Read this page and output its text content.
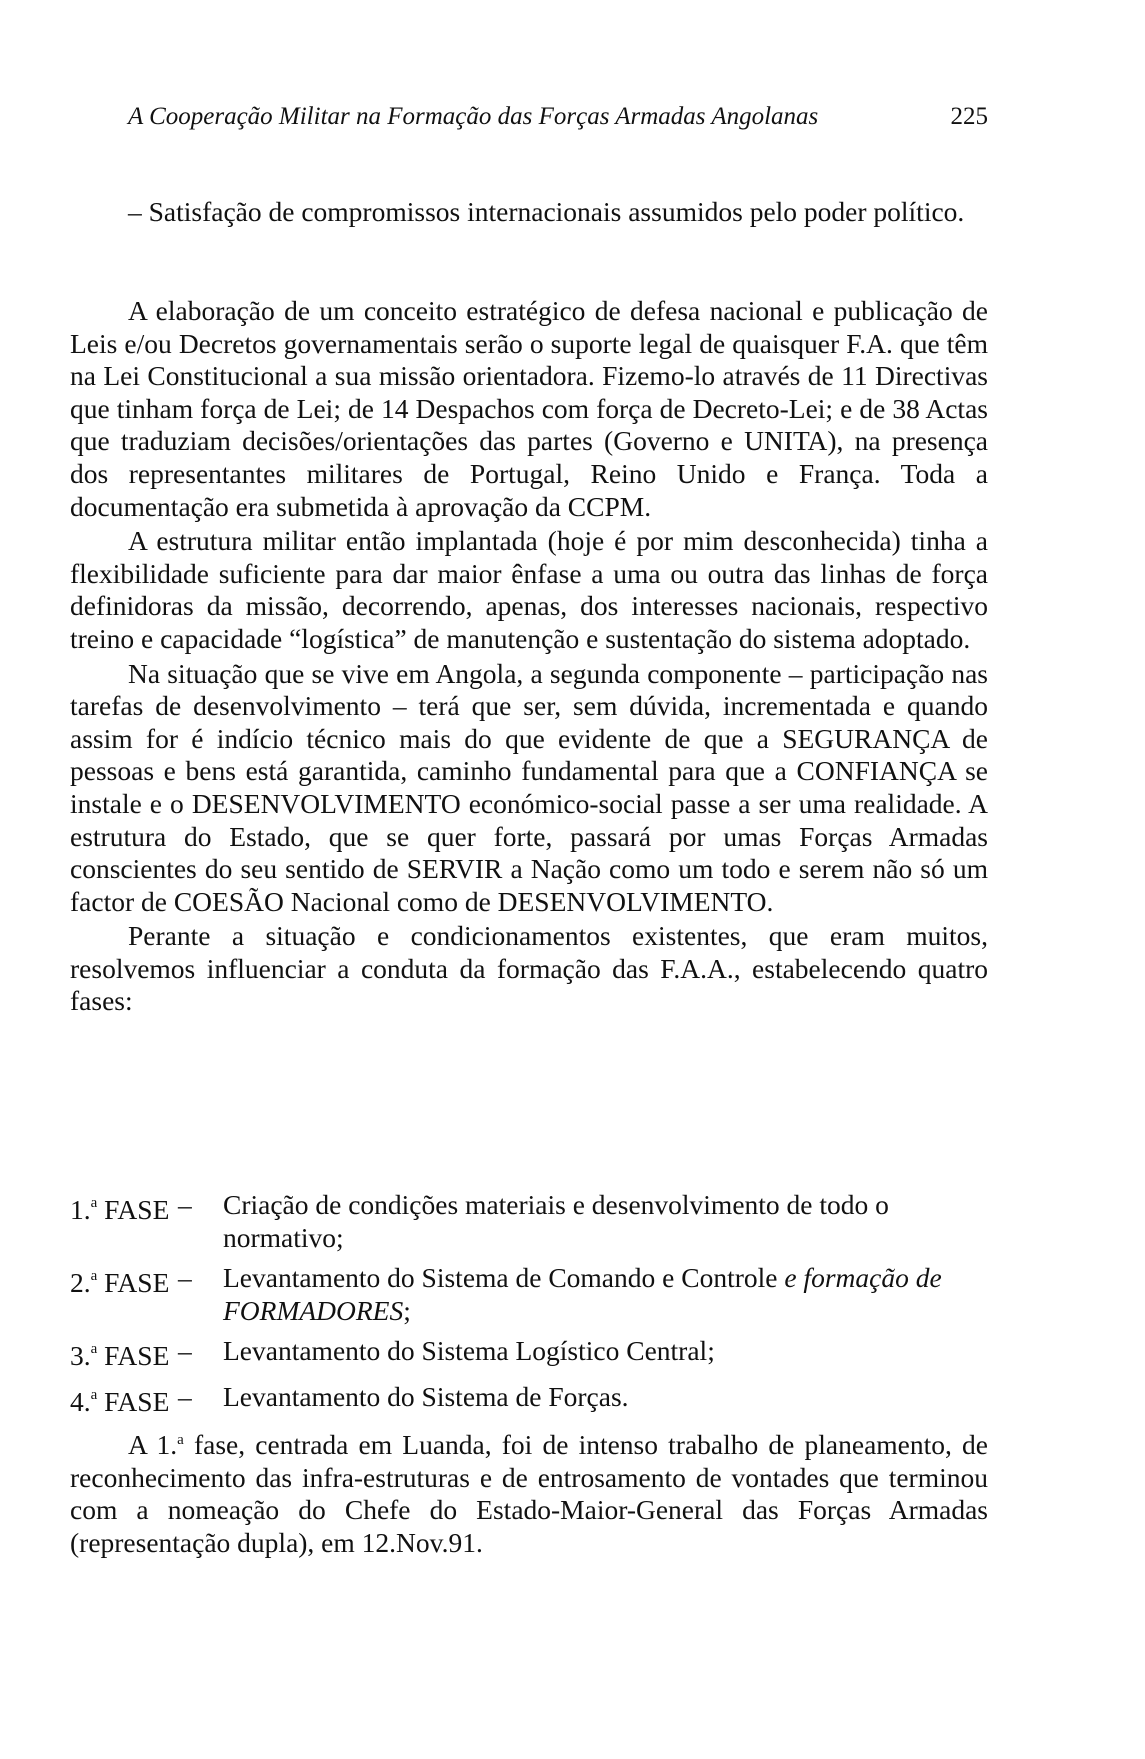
A Cooperação Militar na Formação das Forças Armadas Angolanas	225

– Satisfação de compromissos internacionais assumidos pelo poder político.

A elaboração de um conceito estratégico de defesa nacional e publicação de Leis e/ou Decretos governamentais serão o suporte legal de quaisquer F.A. que têm na Lei Constitucional a sua missão orientadora. Fizemo-lo através de 11 Directivas que tinham força de Lei; de 14 Despachos com força de Decreto-Lei; e de 38 Actas que traduziam decisões/orientações das partes (Governo e UNITA), na presença dos representantes militares de Portugal, Reino Unido e França. Toda a documentação era submetida à aprovação da CCPM.

A estrutura militar então implantada (hoje é por mim desconhecida) tinha a flexibilidade suficiente para dar maior ênfase a uma ou outra das linhas de força definidoras da missão, decorrendo, apenas, dos interesses nacionais, respectivo treino e capacidade “logística” de manutenção e sustentação do sistema adoptado.

Na situação que se vive em Angola, a segunda componente – participação nas tarefas de desenvolvimento – terá que ser, sem dúvida, incrementada e quando assim for é indício técnico mais do que evidente de que a SEGURANÇA de pessoas e bens está garantida, caminho fundamental para que a CONFIANÇA se instale e o DESENVOLVIMENTO económico-social passe a ser uma realidade. A estrutura do Estado, que se quer forte, passará por umas Forças Armadas conscientes do seu sentido de SERVIR a Nação como um todo e serem não só um factor de COESÃO Nacional como de DESENVOLVIMENTO.

Perante a situação e condicionamentos existentes, que eram muitos, resolvemos influenciar a conduta da formação das F.A.A., estabelecendo quatro fases:

1.$^a$ FASE –	Criação de condições materiais e desenvolvimento de todo o normativo;
2.$^a$ FASE –	Levantamento do Sistema de Comando e Controle e formação de FORMADORES;
3.$^a$ FASE –	Levantamento do Sistema Logístico Central;
4.$^a$ FASE –	Levantamento do Sistema de Forças.

A 1.$^a$ fase, centrada em Luanda, foi de intenso trabalho de planeamento, de reconhecimento das infra-estruturas e de entrosamento de vontades que terminou com a nomeação do Chefe do Estado-Maior-General das Forças Armadas (representação dupla), em 12.Nov.91.
